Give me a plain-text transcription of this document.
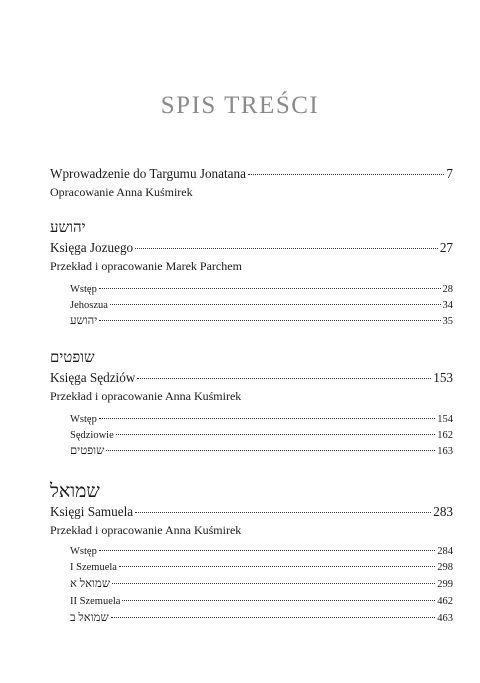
SPIS TREŚCI
Wprowadzenie do Targumu Jonatana	7
Opracowanie Anna Kuśmirek
יהושע
Księga Jozuego	27
Przekład i opracowanie Marek Parchem
Wstęp	28
Jehoszua	34
יהושע	35
שופטים
Księga Sędziów	153
Przekład i opracowanie Anna Kuśmirek
Wstęp	154
Sędziowie	162
שופטים	163
שמואל
Księgi Samuela	283
Przekład i opracowanie Anna Kuśmirek
Wstęp	284
I Szemuela	298
שמואל א	299
II Szemuela	462
שמואל ב	463
